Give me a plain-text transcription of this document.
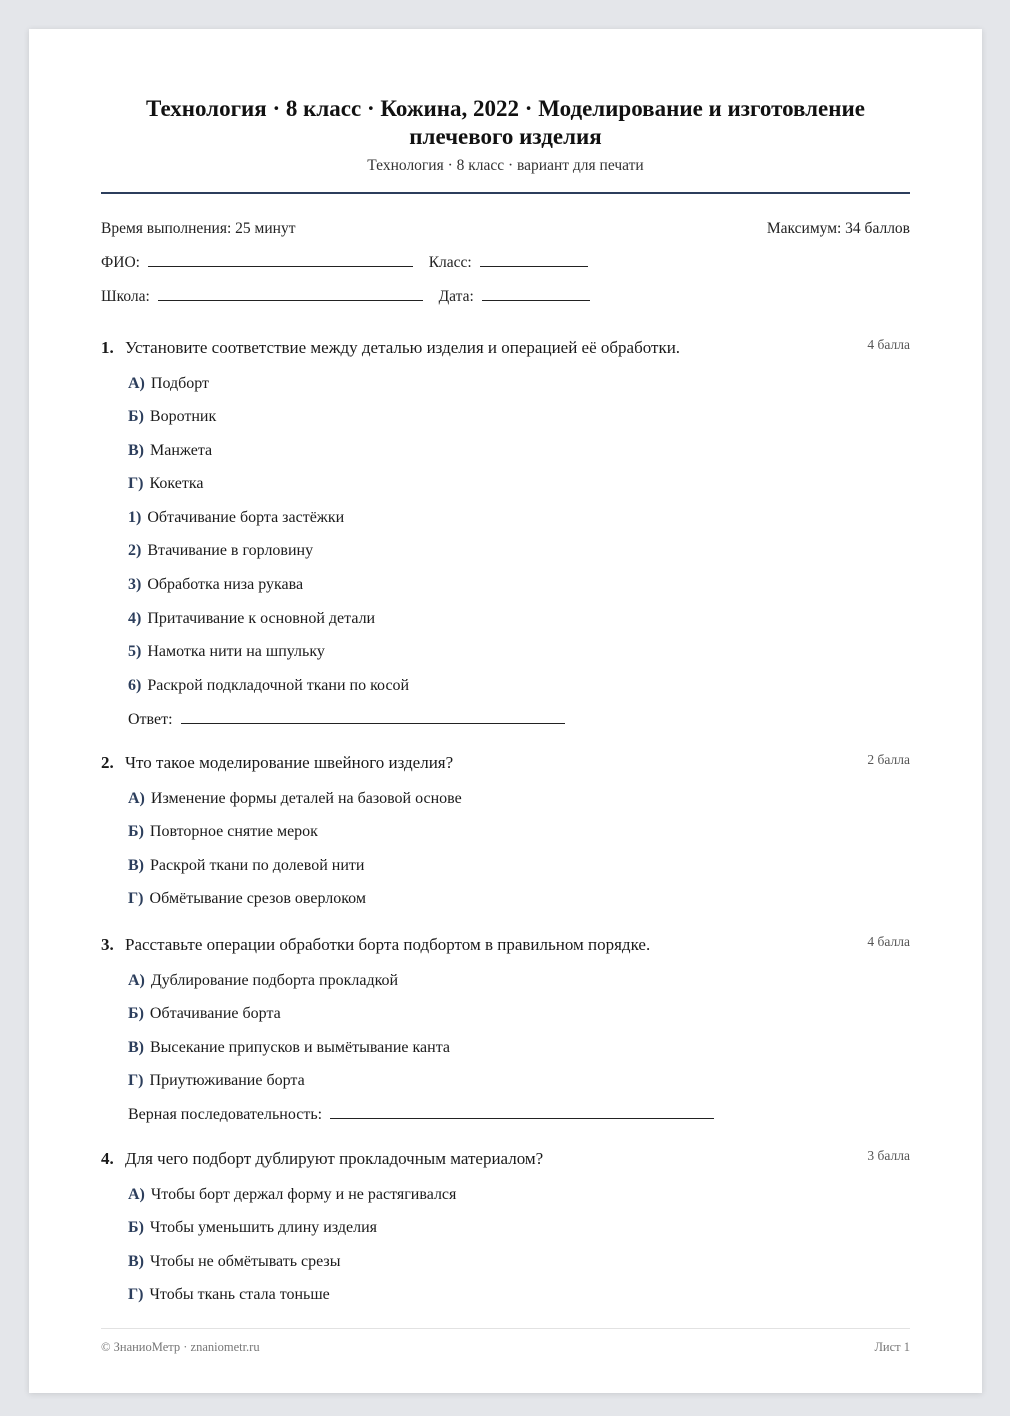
Технология · 8 класс · Кожина, 2022 · Моделирование и изготовление плечевого изделия
Технология · 8 класс · вариант для печати
Время выполнения: 25 минут	Максимум: 34 баллов
ФИО:	Класс:
Школа:	Дата:
1. Установите соответствие между деталью изделия и операцией её обработки.	4 балла
А) Подборт
Б) Воротник
В) Манжета
Г) Кокетка
1) Обтачивание борта застёжки
2) Втачивание в горловину
3) Обработка низа рукава
4) Притачивание к основной детали
5) Намотка нити на шпульку
6) Раскрой подкладочной ткани по косой
Ответ:
2. Что такое моделирование швейного изделия?	2 балла
А) Изменение формы деталей на базовой основе
Б) Повторное снятие мерок
В) Раскрой ткани по долевой нити
Г) Обмётывание срезов оверлоком
3. Расставьте операции обработки борта подбортом в правильном порядке.	4 балла
А) Дублирование подборта прокладкой
Б) Обтачивание борта
В) Высекание припусков и вымётывание канта
Г) Приутюживание борта
Верная последовательность:
4. Для чего подборт дублируют прокладочным материалом?	3 балла
А) Чтобы борт держал форму и не растягивался
Б) Чтобы уменьшить длину изделия
В) Чтобы не обмётывать срезы
Г) Чтобы ткань стала тоньше
© ЗнаниоМетр · znaniometr.ru	Лист 1
